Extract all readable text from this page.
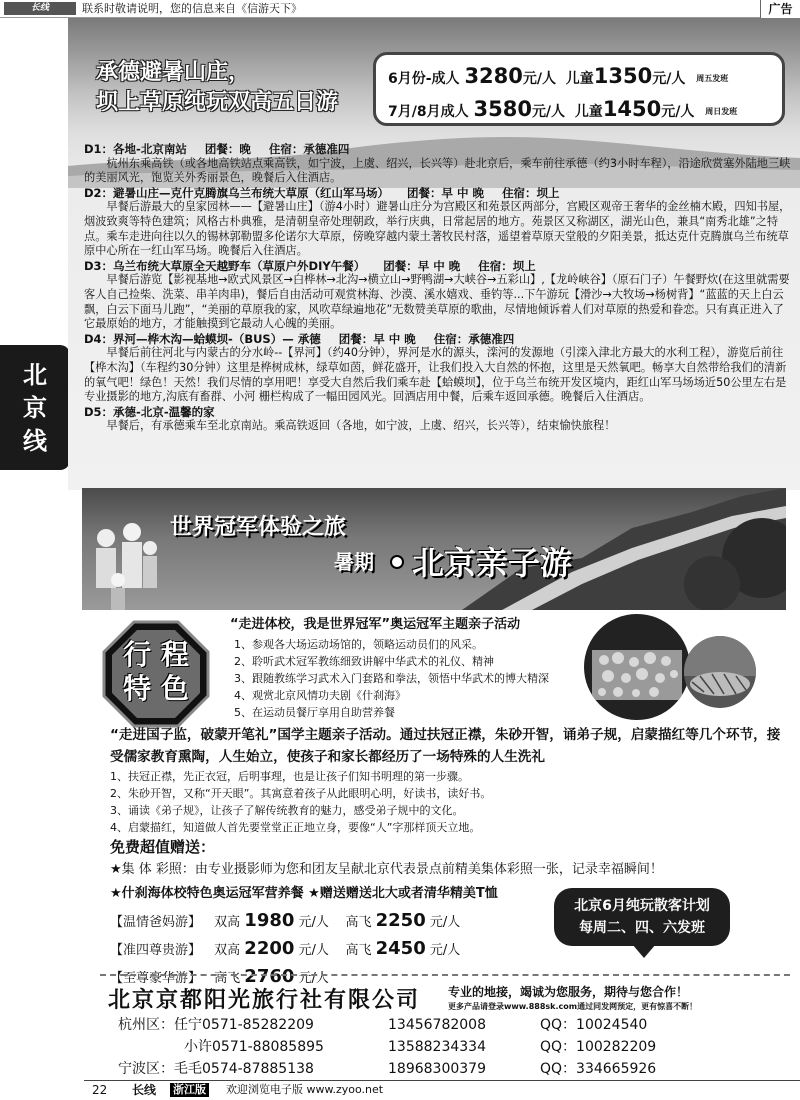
长线	联系时敬请说明，您的信息来自《信游天下》	广告
北
京
线
承德避暑山庄，
坝上草原纯玩双高五日游
6月份-成人 3280元/人 儿童1350元/人 周五发班
7月/8月成人 3580元/人 儿童1450元/人 周日发班

D1：各地-北京南站 团餐：晚 住宿：承德准四

杭州东乘高铁（或各地高铁站点乘高铁，如宁波，上虞、绍兴，长兴等）赴北京后，乘车前往承德（约3小时车程），沿途欣赏塞外陆地三峡的美丽风光，饱览关外秀丽景色，晚餐后入住酒店。

D2：避暑山庄—克什克腾旗乌兰布统大草原（红山军马场） 团餐：早 中 晚 住宿：坝上

早餐后游最大的皇家园林——【避暑山庄】（游4小时）避暑山庄分为宫殿区和苑景区两部分，宫殿区观帝王奢华的金丝楠木殿，四知书屋，烟波致爽等特色建筑；风格古朴典雅，是清朝皇帝处理朝政，举行庆典，日常起居的地方。苑景区又称湖区，湖光山色，兼具“南秀北雄”之特点。乘车走进向往以久的锡林郭勒盟多伦诺尔大草原，傍晚穿越内蒙土著牧民村落，遥望着草原天堂般的夕阳美景，抵达克什克腾旗乌兰布统草原中心所在一红山军马场。晚餐后入住酒店。

D3：乌兰布统大草原全天越野车（草原户外DIY午餐） 团餐：早 中 晚 住宿：坝上

早餐后游览【影视基地→欧式风景区→白桦林→北沟→横立山→野鸭湖→大峡谷→五彩山】,【龙岭峡谷】（原石门子）午餐野炊(在这里就需要客人自己捡柴、洗菜、串羊肉串)，餐后自由活动可观赏林海、沙漠、溪水嬉戏、垂钓等...下午游玩【滑沙→大牧场→杨树背】“蓝蓝的天上白云飘，白云下面马儿跑”，“美丽的草原我的家，风吹草绿遍地花”无数赞美草原的歌曲，尽情地倾诉着人们对草原的热爱和眷恋。只有真正进入了它最原始的地方，才能触摸到它最动人心魄的美丽。

D4：界河—桦木沟—蛤蟆坝-（BUS）— 承德 团餐：早 中 晚 住宿：承德准四

早餐后前往河北与内蒙古的分水岭--【界河】（约40分钟），界河是水的源头，滦河的发源地（引滦入津北方最大的水利工程），游览后前往【桦木沟】（车程约30分钟）这里是桦树成林，绿草如茵，鲜花盛开，让我们投入大自然的怀抱，这里是天然氧吧。畅享大自然带给我们的清新的氧气吧！绿色！天然！我们尽情的享用吧！享受大自然后我们乘车赴【蛤蟆坝】，位于乌兰布统开发区境内，距红山军马场场近50公里左右是专业摄影的地方,沟底有畜群、小河 栅栏构成了一幅田园风光。回酒店用中餐，后乘车返回承德。晚餐后入住酒店。

D5：承德-北京-温馨的家

早餐后，有承德乘车至北京南站。乘高铁返回（各地，如宁波，上虞、绍兴，长兴等），结束愉快旅程！

世界冠军体验之旅
暑期 北京亲子游
行 程
特 色
“走进体校，我是世界冠军”奥运冠军主题亲子活动
1、参观各大场运动场馆的，领略运动员们的风采。
2、聆听武术冠军教练细致讲解中华武术的礼仪、精神
3、跟随教练学习武术入门套路和拳法，领悟中华武术的博大精深
4、观赏北京风情功夫剧《什刹海》
5、在运动员餐厅享用自助营养餐
“走进国子监，破蒙开笔礼”国学主题亲子活动。通过扶冠正襟，朱砂开智，诵弟子规，启蒙描红等几个环节，接受儒家教育熏陶，人生始立，使孩子和家长都经历了一场特殊的人生洗礼
1、扶冠正襟，先正衣冠，后明事理，也是让孩子们知书明理的第一步骤。
2、朱砂开智，又称“开天眼”。其寓意着孩子从此眼明心明，好读书，读好书。
3、诵读《弟子规》，让孩子了解传统教育的魅力，感受弟子规中的文化。
4、启蒙描红，知道做人首先要堂堂正正地立身，要像“人”字那样顶天立地。
免费超值赠送：
★集 体 彩照：由专业摄影师为您和团友呈献北京代表景点前精美集体彩照一张，记录幸福瞬间！
★什刹海体校特色奥运冠军营养餐 ★赠送赠送北大或者清华精美T恤
【温情爸妈游】 双高 1980 元/人 高飞 2250 元/人
【准四尊贵游】 双高 2200 元/人 高飞 2450 元/人
【至尊豪华游】 高飞 2760 元/人
北京6月纯玩散客计划
每周二、四、六发班
北京京都阳光旅行社有限公司	专业的地接，竭诚为您服务，期待与您合作！
更多产品请登录www.888sk.com通过同发网预定，更有惊喜不断！
杭州区：任宁0571-85282209	13456782008	QQ：10024540
小许0571-88085895	13588234334	QQ：100282209
宁波区：毛毛0574-87885138	18968300379	QQ：334665926
22 长线 浙江版 欢迎浏览电子版 www.zyoo.net
